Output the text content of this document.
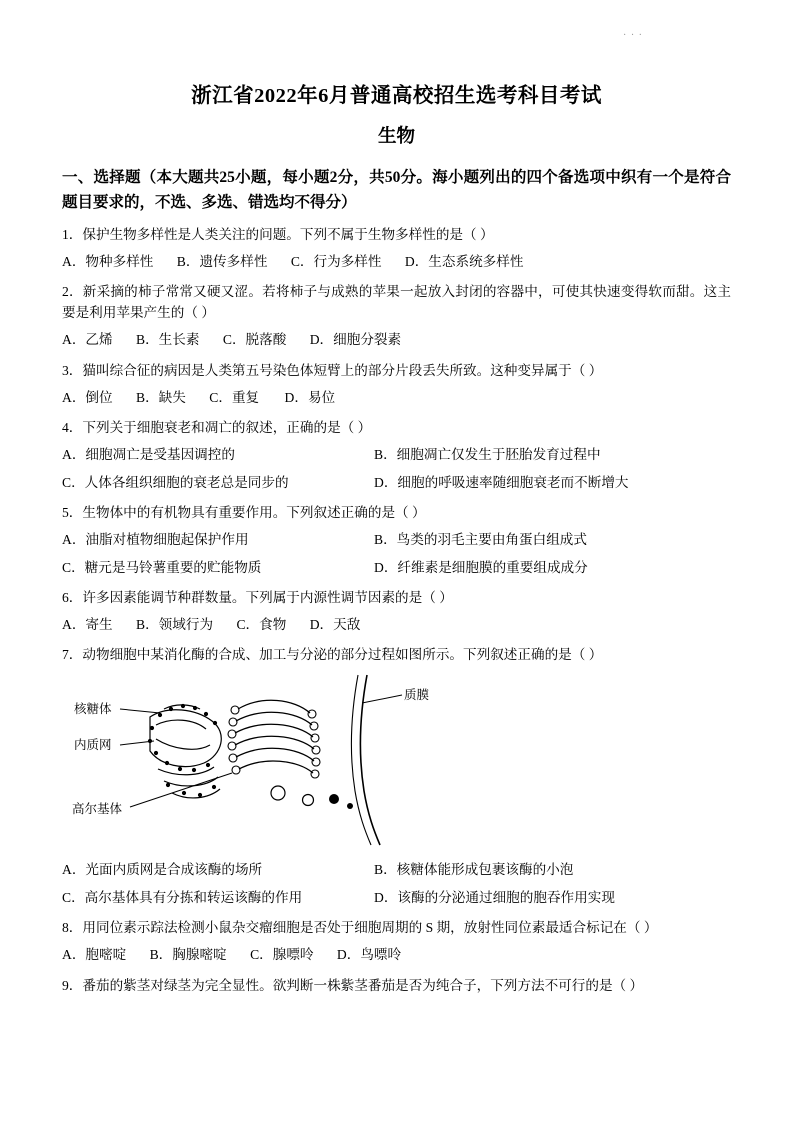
· · ·
浙江省2022年6月普通高校招生选考科目考试
生物
一、选择题（本大题共25小题，每小题2分，共50分。海小题列出的四个备选项中织有一个是符合题目要求的，不选、多选、错选均不得分）
1．保护生物多样性是人类关注的问题。下列不属于生物多样性的是（ ）
A．物种多样性 B．遗传多样性 C．行为多样性 D．生态系统多样性
2．新采摘的柿子常常又硬又涩。若将柿子与成熟的苹果一起放入封闭的容器中，可使其快速变得软而甜。这主要是利用苹果产生的（ ）
A．乙烯 B．生长素 C．脱落酸 D．细胞分裂素
3．猫叫综合征的病因是人类第五号染色体短臂上的部分片段丢失所致。这种变异属于（ ）
A．倒位 B．缺失 C．重复 D．易位
4．下列关于细胞衰老和凋亡的叙述，正确的是（ ）
A．细胞凋亡是受基因调控的	B．细胞凋亡仅发生于胚胎发育过程中
C．人体各组织细胞的衰老总是同步的	D．细胞的呼吸速率随细胞衰老而不断增大
5．生物体中的有机物具有重要作用。下列叙述正确的是（ ）
A．油脂对植物细胞起保护作用	B．鸟类的羽毛主要由角蛋白组成式
C．糖元是马铃薯重要的贮能物质	D．纤维素是细胞膜的重要组成成分
6．许多因素能调节种群数量。下列属于内源性调节因素的是（ ）
A．寄生 B．领域行为 C．食物 D．天敌
7．动物细胞中某消化酶的合成、加工与分泌的部分过程如图所示。下列叙述正确的是（ ）
核糖体
内质网
高尔基体
质膜
A．光面内质网是合成该酶的场所	B．核糖体能形成包裹该酶的小泡
C．高尔基体具有分拣和转运该酶的作用	D．该酶的分泌通过细胞的胞吞作用实现
8．用同位素示踪法检测小鼠杂交瘤细胞是否处于细胞周期的 S 期，放射性同位素最适合标记在（ ）
A．胞嘧啶 B．胸腺嘧啶 C．腺嘌呤 D．鸟嘌呤
9．番茄的紫茎对绿茎为完全显性。欲判断一株紫茎番茄是否为纯合子，下列方法不可行的是（ ）
